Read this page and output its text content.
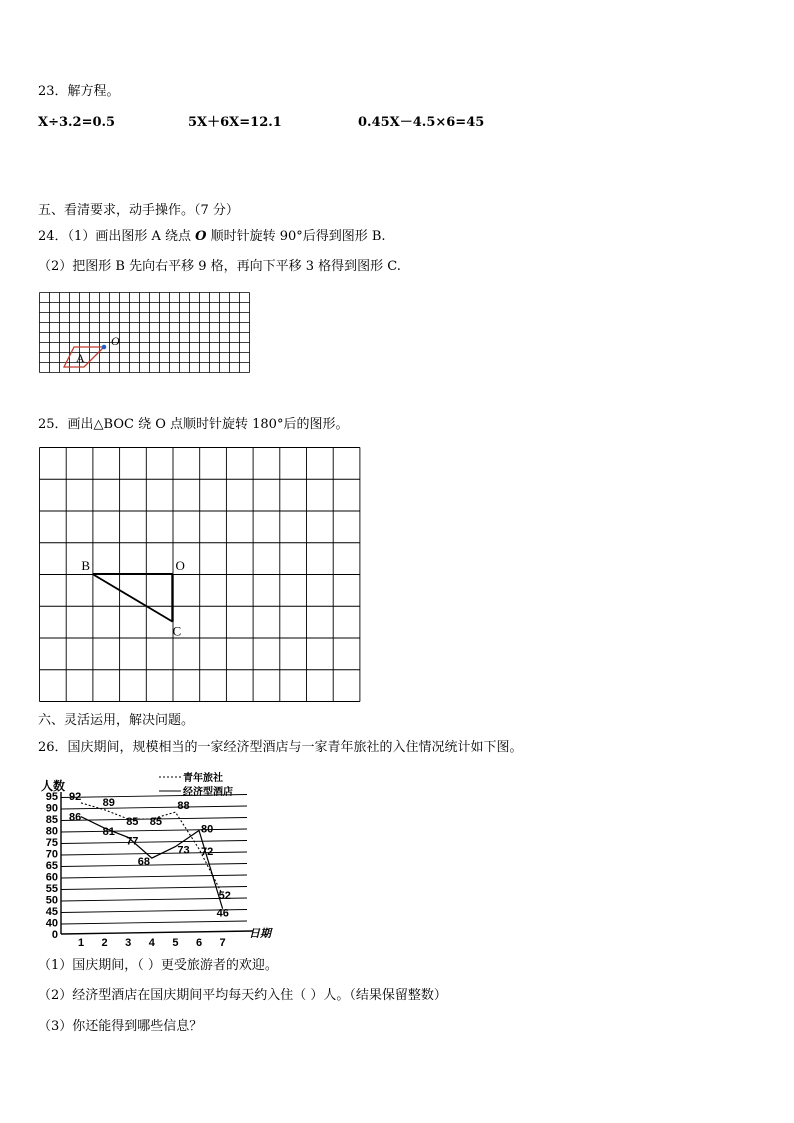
23．解方程。
X÷3.2=0.5	5X＋6X=12.1	0.45X－4.5×6=45
五、看清要求，动手操作。（7 分）
24．（1）画出图形 A 绕点 O 顺时针旋转 90°后得到图形 B.
（2）把图形 B 先向右平移 9 格，再向下平移 3 格得到图形 C.
A
O
25．画出△BOC 绕 O 点顺时针旋转 180°后的图形。
B	O
C
六、灵活运用，解决问题。
26．国庆期间，规模相当的一家经济型酒店与一家青年旅社的入住情况统计如下图。
0
40
45
50
55
60
65
70
75
80
85
90
95
1 2 3 4 5 6 7
人数
日期
青年旅社
经济型酒店
92 89
85 85
88
72
52
86
81
77
68
73
80
46
（1）国庆期间，（ ）更受旅游者的欢迎。
（2）经济型酒店在国庆期间平均每天约入住（ ）人。（结果保留整数）
（3）你还能得到哪些信息？
